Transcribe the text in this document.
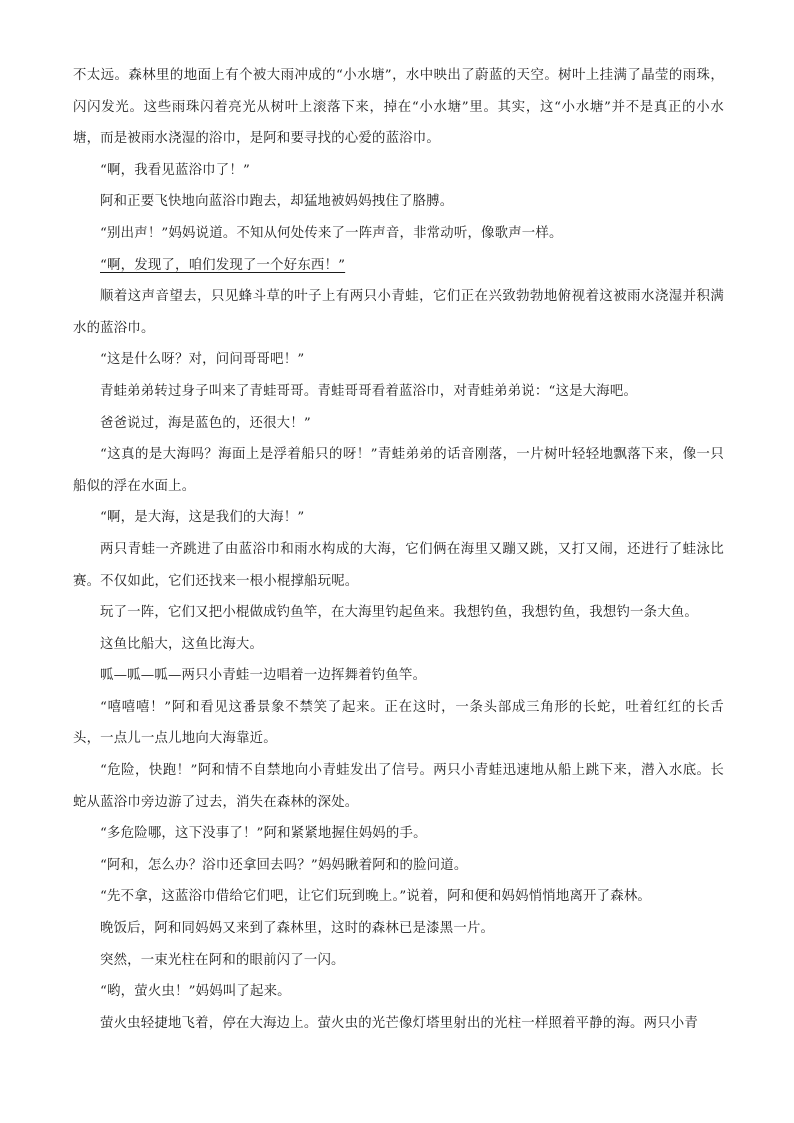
不太远。森林里的地面上有个被大雨冲成的“小水塘”，水中映出了蔚蓝的天空。树叶上挂满了晶莹的雨珠，闪闪发光。这些雨珠闪着亮光从树叶上滚落下来，掉在“小水塘”里。其实，这“小水塘”并不是真正的小水塘，而是被雨水浇湿的浴巾，是阿和要寻找的心爱的蓝浴巾。

“啊，我看见蓝浴巾了！”

阿和正要飞快地向蓝浴巾跑去，却猛地被妈妈拽住了胳膊。

“别出声！”妈妈说道。不知从何处传来了一阵声音，非常动听，像歌声一样。

“啊，发现了，咱们发现了一个好东西！”

顺着这声音望去，只见蜂斗草的叶子上有两只小青蛙，它们正在兴致勃勃地俯视着这被雨水浇湿并积满水的蓝浴巾。

“这是什么呀？对，问问哥哥吧！”

青蛙弟弟转过身子叫来了青蛙哥哥。青蛙哥哥看着蓝浴巾，对青蛙弟弟说：“这是大海吧。

爸爸说过，海是蓝色的，还很大！”

“这真的是大海吗？海面上是浮着船只的呀！”青蛙弟弟的话音刚落，一片树叶轻轻地飘落下来，像一只船似的浮在水面上。

“啊，是大海，这是我们的大海！”

两只青蛙一齐跳进了由蓝浴巾和雨水构成的大海，它们俩在海里又蹦又跳，又打又闹，还进行了蛙泳比赛。不仅如此，它们还找来一根小棍撑船玩呢。

玩了一阵，它们又把小棍做成钓鱼竿，在大海里钓起鱼来。我想钓鱼，我想钓鱼，我想钓一条大鱼。

这鱼比船大，这鱼比海大。

呱—呱—呱—两只小青蛙一边唱着一边挥舞着钓鱼竿。

“嘻嘻嘻！”阿和看见这番景象不禁笑了起来。正在这时，一条头部成三角形的长蛇，吐着红红的长舌头，一点儿一点儿地向大海靠近。

“危险，快跑！”阿和情不自禁地向小青蛙发出了信号。两只小青蛙迅速地从船上跳下来，潜入水底。长蛇从蓝浴巾旁边游了过去，消失在森林的深处。

“多危险哪，这下没事了！”阿和紧紧地握住妈妈的手。

“阿和，怎么办？浴巾还拿回去吗？”妈妈瞅着阿和的脸问道。

“先不拿，这蓝浴巾借给它们吧，让它们玩到晚上。”说着，阿和便和妈妈悄悄地离开了森林。

晚饭后，阿和同妈妈又来到了森林里，这时的森林已是漆黑一片。

突然，一束光柱在阿和的眼前闪了一闪。

“哟，萤火虫！”妈妈叫了起来。

萤火虫轻捷地飞着，停在大海边上。萤火虫的光芒像灯塔里射出的光柱一样照着平静的海。两只小青
